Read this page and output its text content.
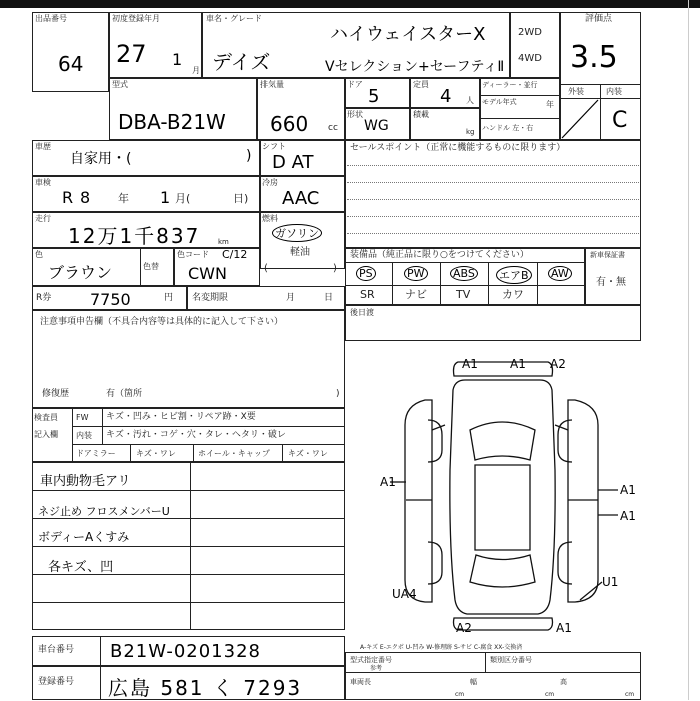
出品番号
64
初度登録年月
27 1
月
車名・グレード
ハイウェイスターX
デイズ	Vセレクション+セーフティⅡ
2WD
4WD
評価点
3.5
外装	内装
C
型式
DBA-B21W
排気量
660 cc
ドア
5
定員
4 人
ディーラー・並行
モデル年式	年
ハンドル 左・右
形状
WG
積載
kg
車歴
自家用・(	)
シフト
D AT
車検
R 8	年 1 月(	日)
冷房
AAC
走行
12万1千837	km
燃料
ガソリン
軽油
(	)
色
ブラウン	色替
色コード C/12
CWN
R券 7750	円 名変期限	月	日
セールスポイント（正常に機能するものに限ります）
装備品（純正品に限り○をつけてください）
PS	PW	ABS エアB AW
SR	ナビ	TV	カワ
新車保証書
有・無
後日渡
注意事項申告欄（不具合内容等は具体的に記入して下さい）
修復歴	有（箇所	)
検査員
記入欄
FW キズ・凹み・ヒビ割・リペア跡・X要
内装 キズ・汚れ・コゲ・穴・タレ・ヘタリ・破レ
ドアミラー	キズ・ワレ	ホイール・キャップ キズ・ワレ
車内動物毛アリ
ネジ止め フロスメンバーU
ボディーAくすみ
各キズ、凹
A1	A1 A2
A1
A1
A1
UA4
U1
A2	A1
車台番号 B21W-0201328
登録番号 広島 581 く 7293
A-キズ E-エクボ U-凹み W-修理跡 S-サビ C-腐食 XX-交換済
型式指定番号	類別区分番号
参考
車両長	幅	高
cm	cm	cm
